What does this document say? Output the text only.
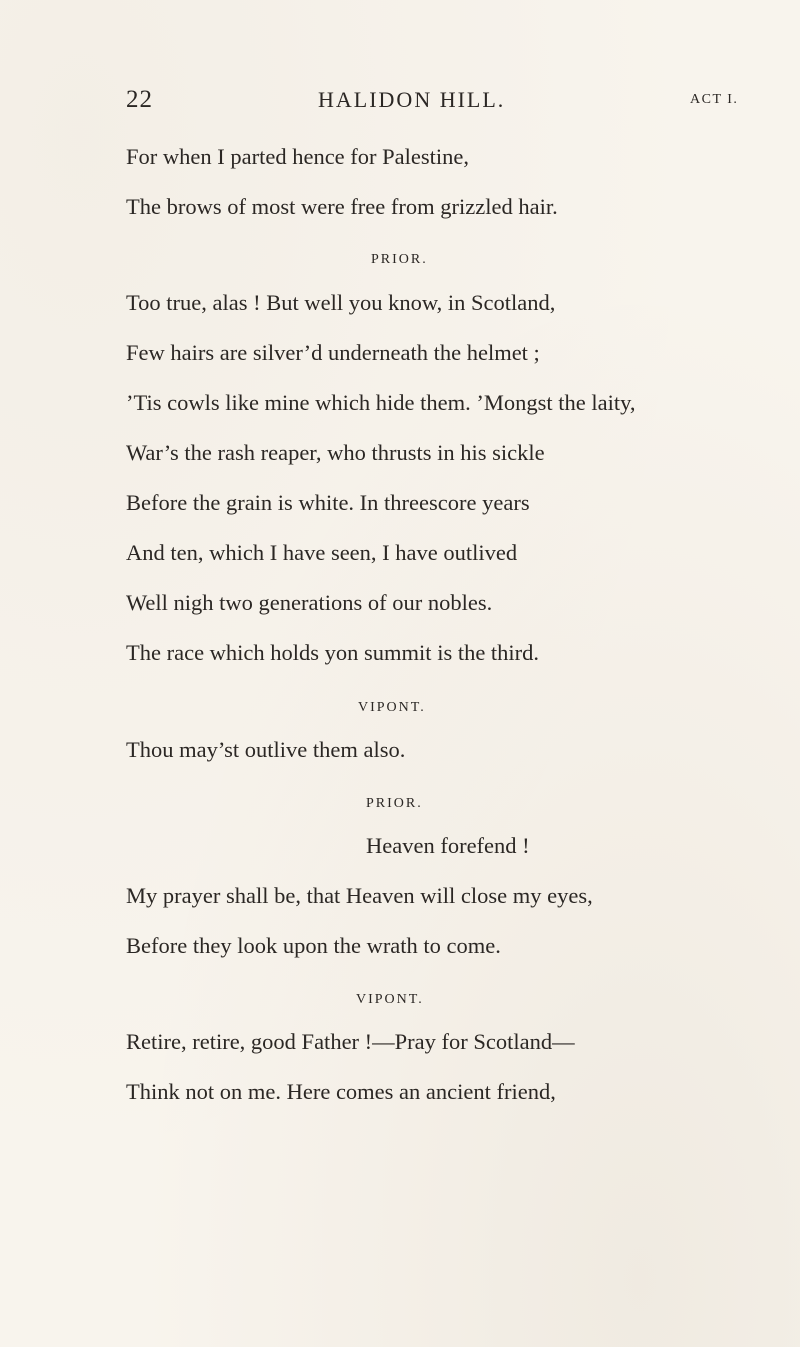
22	HALIDON HILL.	ACT I.
For when I parted hence for Palestine,
The brows of most were free from grizzled hair.
PRIOR.
Too true, alas ! But well you know, in Scotland,
Few hairs are silver’d underneath the helmet ;
’Tis cowls like mine which hide them. ’Mongst the laity,
War’s the rash reaper, who thrusts in his sickle
Before the grain is white. In threescore years
And ten, which I have seen, I have outlived
Well nigh two generations of our nobles.
The race which holds yon summit is the third.
VIPONT.
Thou may’st outlive them also.
PRIOR.
Heaven forefend !
My prayer shall be, that Heaven will close my eyes,
Before they look upon the wrath to come.
VIPONT.
Retire, retire, good Father !—Pray for Scotland—
Think not on me. Here comes an ancient friend,
